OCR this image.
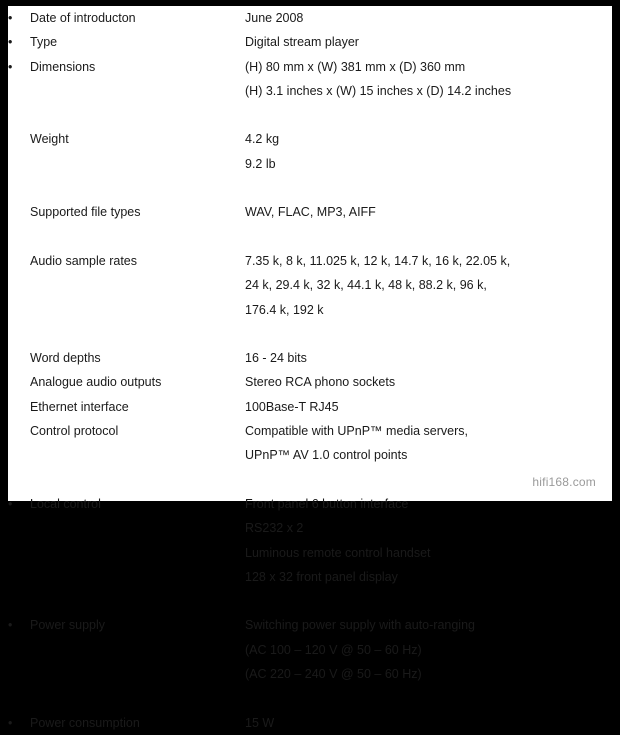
•	Date of introducton	June 2008
•	Type	Digital stream player
•	Dimensions	(H) 80 mm x (W) 381 mm x (D) 360 mm
		(H) 3.1 inches x (W) 15 inches x (D) 14.2 inches

	Weight	4.2 kg
		9.2 lb

	Supported file types	WAV, FLAC, MP3, AIFF

	Audio sample rates	7.35 k, 8 k, 11.025 k, 12 k, 14.7 k, 16 k, 22.05 k,
		24 k, 29.4 k, 32 k, 44.1 k, 48 k, 88.2 k, 96 k,
		176.4 k, 192 k

	Word depths	16 - 24 bits
	Analogue audio outputs	Stereo RCA phono sockets
	Ethernet interface	100Base-T RJ45
	Control protocol	Compatible with UPnP™ media servers,
		UPnP™ AV 1.0 control points

•	Local control	Front panel 6 button interface
		RS232 x 2
		Luminous remote control handset
		128 x 32 front panel display

•	Power supply	Switching power supply with auto-ranging
		(AC 100 – 120 V @ 50 – 60 Hz)
		(AC 220 – 240 V @ 50 – 60 Hz)

•	Power consumption	15 W
hifi168.com
